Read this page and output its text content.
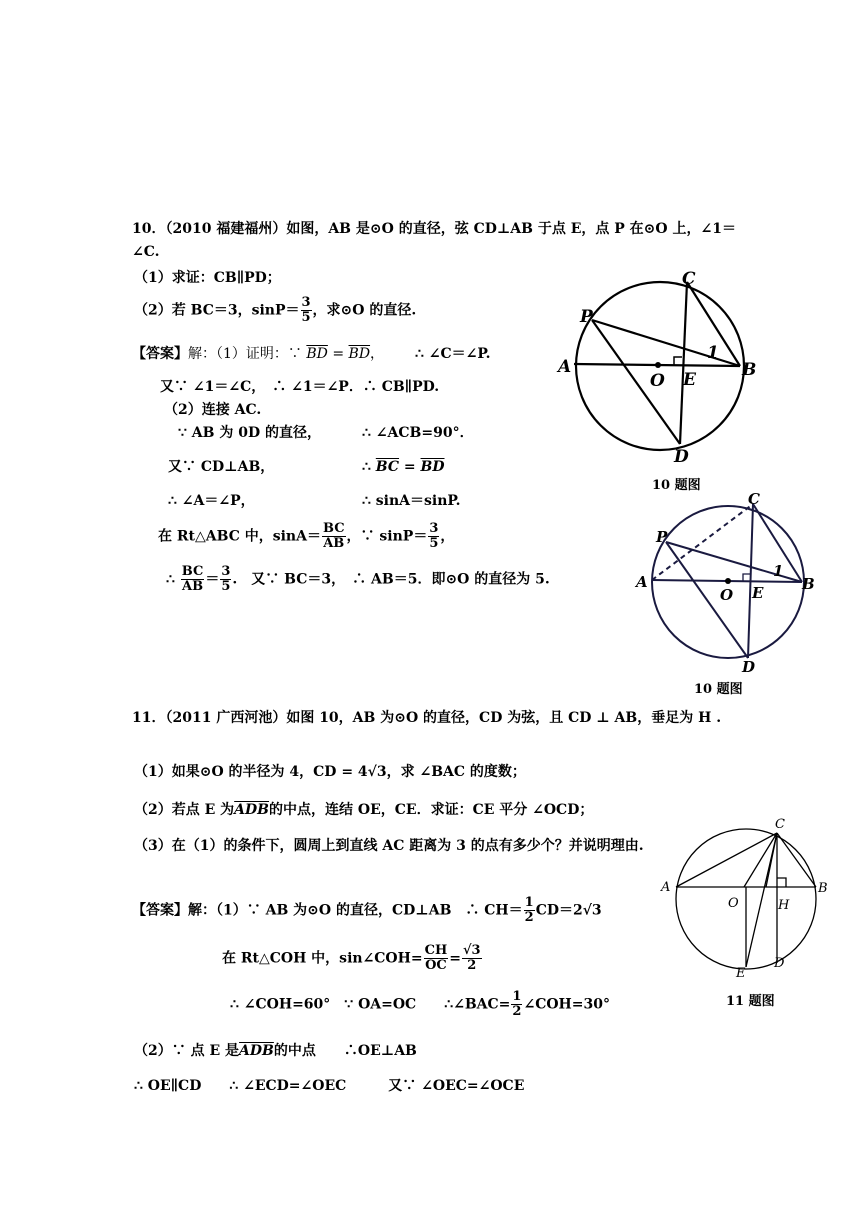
10．（2010 福建福州）如图，AB 是⊙O 的直径，弦 CD⊥AB 于点 E，点 P 在⊙O 上，∠1＝
∠C.
（1）求证：CB∥PD；
（2）若 BC＝3，$\sin P= \frac{3}{5}$ ，求⊙O 的直径.
【答案】解：（1）证明：∵ $\overline{BD} = \overline{BD}$， ∴ ∠C＝∠P.
又∵ ∠1＝∠C，　∴ ∠1＝∠P．∴ CB∥PD.
（2）连接 AC.
∵ AB 为 0D 的直径，	∴ ∠ACB=90°．
又∵ CD⊥AB，	∴ $\overline{BC} = \overline{BD}$
∴ ∠A＝∠P，	∴ sinA＝sinP.
在 Rt△ABC 中，$\sin A= \frac{BC}{AB}$ ，∵ $\sin P= \frac{3}{5}$ ，
∴ $\frac{BC}{AB} = \frac{3}{5}$ .　又∵ BC＝3，　∴ AB＝5．即⊙O 的直径为 5.
C
P
A
O E	B
D
1
10 题图
C
P
A
O E	B
D
1
10 题图
11．（2011 广西河池）如图 10，AB 为⊙O 的直径，CD 为弦，且 CD ⊥ AB，垂足为 H .
（1）如果⊙O 的半径为 4，CD = 4√3，求 ∠BAC 的度数；
（2）若点 E 为$\overline{ADB}$的中点，连结 OE，CE．求证：CE 平分 ∠OCD；
（3）在（1）的条件下，圆周上到直线 AC 距离为 3 的点有多少个？并说明理由.
【答案】解：（1）∵ AB 为⊙O 的直径，CD⊥AB　∴ $CH= \frac{1}{2} CD=2√3$
在 Rt△COH 中，sin∠COH= $\frac{CH}{OC} = \frac{√3}{2}$
∴ ∠COH=60°　∵ OA=OC　　 ∴∠BAC= $\frac{1}{2}$ ∠COH=30°
（2）∵ 点 E 是$\overline{ADB}$的中点　　 ∴OE⊥AB
∴ OE∥CD　　 ∴ ∠ECD=∠OEC　　　	又∵ ∠OEC=∠OCE
C
A	B
O	H
D
E
11 题图
